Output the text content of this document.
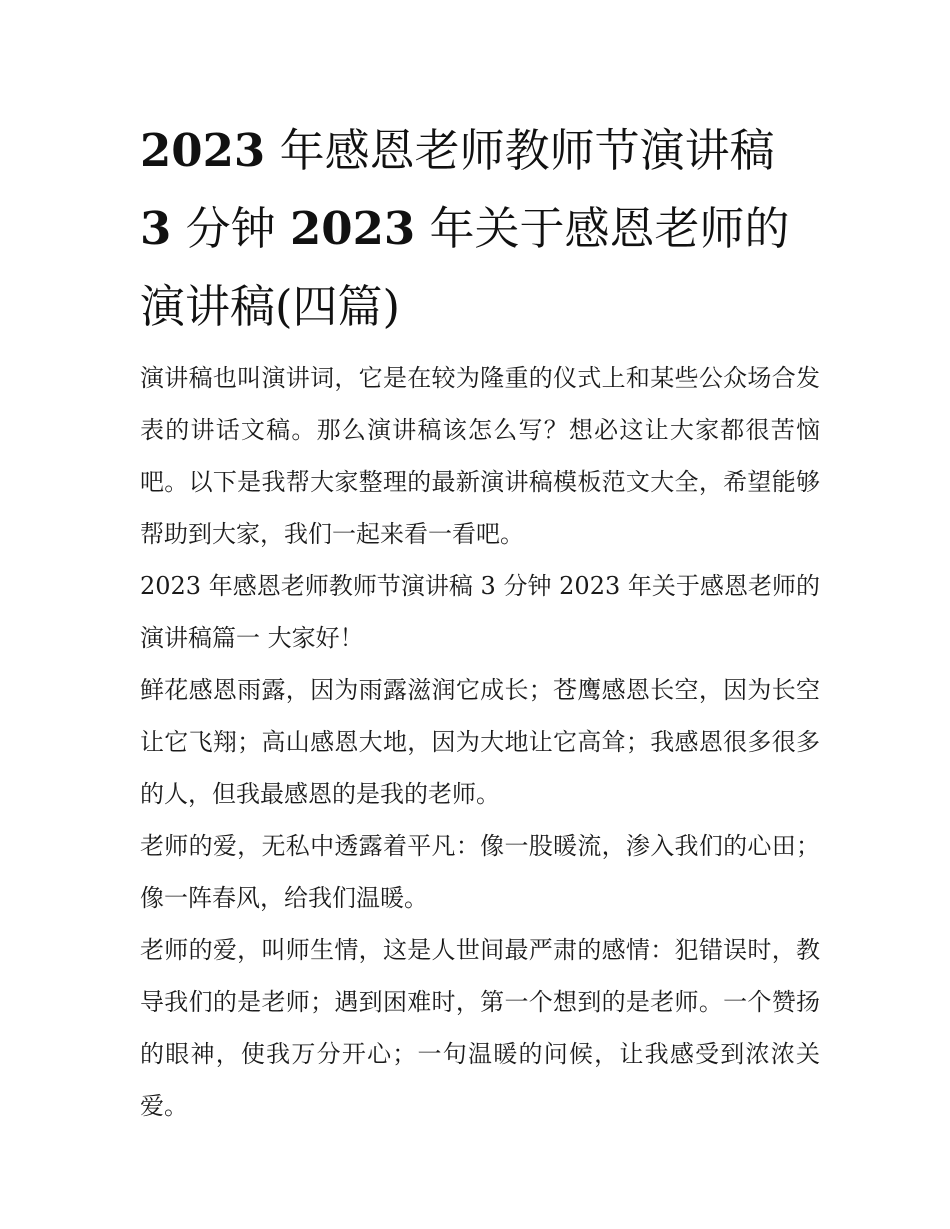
2023 年感恩老师教师节演讲稿
3 分钟 2023 年关于感恩老师的演讲稿(四篇)

演讲稿也叫演讲词，它是在较为隆重的仪式上和某些公众场合发表的讲话文稿。那么演讲稿该怎么写？想必这让大家都很苦恼吧。以下是我帮大家整理的最新演讲稿模板范文大全，希望能够帮助到大家，我们一起来看一看吧。

2023 年感恩老师教师节演讲稿 3 分钟 2023 年关于感恩老师的演讲稿篇一 大家好！

鲜花感恩雨露，因为雨露滋润它成长；苍鹰感恩长空，因为长空让它飞翔；高山感恩大地，因为大地让它高耸；我感恩很多很多的人，但我最感恩的是我的老师。

老师的爱，无私中透露着平凡：像一股暖流，渗入我们的心田；像一阵春风，给我们温暖。

老师的爱，叫师生情，这是人世间最严肃的感情：犯错误时，教导我们的是老师；遇到困难时，第一个想到的是老师。一个赞扬的眼神，使我万分开心；一句温暖的问候，让我感受到浓浓关爱。
